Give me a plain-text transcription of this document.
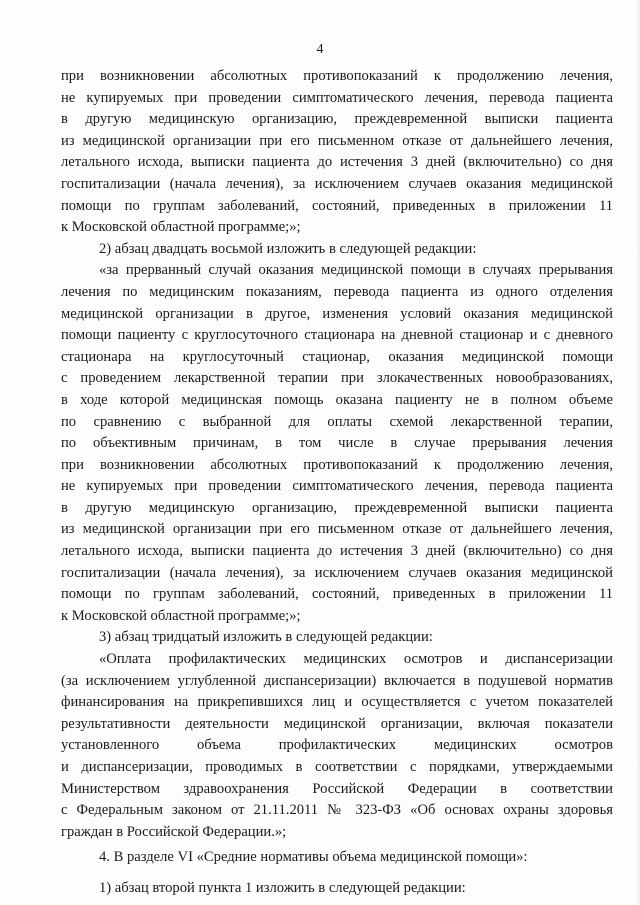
4
при возникновении абсолютных противопоказаний к продолжению лечения,
не купируемых при проведении симптоматического лечения, перевода пациента
в другую медицинскую организацию, преждевременной выписки пациента
из медицинской организации при его письменном отказе от дальнейшего лечения,
летального исхода, выписки пациента до истечения 3 дней (включительно) со дня
госпитализации (начала лечения), за исключением случаев оказания медицинской
помощи по группам заболеваний, состояний, приведенных в приложении 11
к Московской областной программе;»;
2) абзац двадцать восьмой изложить в следующей редакции:
«за прерванный случай оказания медицинской помощи в случаях прерывания
лечения по медицинским показаниям, перевода пациента из одного отделения
медицинской организации в другое, изменения условий оказания медицинской
помощи пациенту с круглосуточного стационара на дневной стационар и с дневного
стационара на круглосуточный стационар, оказания медицинской помощи
с проведением лекарственной терапии при злокачественных новообразованиях,
в ходе которой медицинская помощь оказана пациенту не в полном объеме
по сравнению с выбранной для оплаты схемой лекарственной терапии,
по объективным причинам, в том числе в случае прерывания лечения
при возникновении абсолютных противопоказаний к продолжению лечения,
не купируемых при проведении симптоматического лечения, перевода пациента
в другую медицинскую организацию, преждевременной выписки пациента
из медицинской организации при его письменном отказе от дальнейшего лечения,
летального исхода, выписки пациента до истечения 3 дней (включительно) со дня
госпитализации (начала лечения), за исключением случаев оказания медицинской
помощи по группам заболеваний, состояний, приведенных в приложении 11
к Московской областной программе;»;
3) абзац тридцатый изложить в следующей редакции:
«Оплата профилактических медицинских осмотров и диспансеризации
(за исключением углубленной диспансеризации) включается в подушевой норматив
финансирования на прикрепившихся лиц и осуществляется с учетом показателей
результативности деятельности медицинской организации, включая показатели
установленного объема профилактических медицинских осмотров
и диспансеризации, проводимых в соответствии с порядками, утверждаемыми
Министерством здравоохранения Российской Федерации в соответствии
с Федеральным законом от 21.11.2011 № 323-ФЗ «Об основах охраны здоровья
граждан в Российской Федерации.»;
4. В разделе VI «Средние нормативы объема медицинской помощи»:
1) абзац второй пункта 1 изложить в следующей редакции:
